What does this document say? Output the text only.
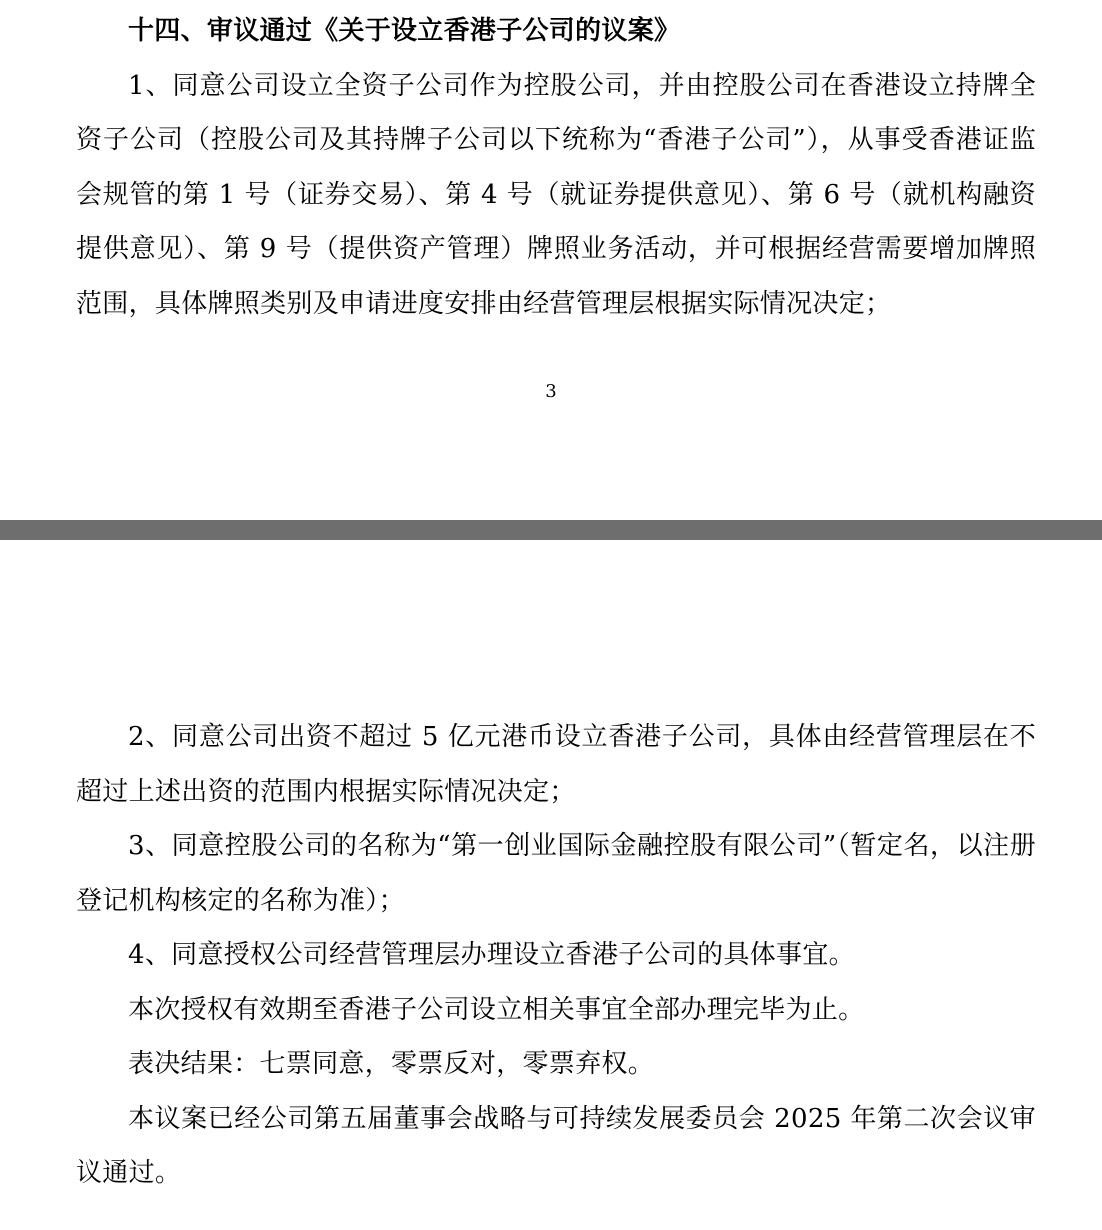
十四、审议通过《关于设立香港子公司的议案》

1、同意公司设立全资子公司作为控股公司，并由控股公司在香港设立持牌全资子公司（控股公司及其持牌子公司以下统称为“香港子公司”），从事受香港证监会规管的第 1 号（证券交易）、第 4 号（就证券提供意见）、第 6 号（就机构融资提供意见）、第 9 号（提供资产管理）牌照业务活动，并可根据经营需要增加牌照范围，具体牌照类别及申请进度安排由经营管理层根据实际情况决定；

3

2、同意公司出资不超过 5 亿元港币设立香港子公司，具体由经营管理层在不超过上述出资的范围内根据实际情况决定；

3、同意控股公司的名称为“第一创业国际金融控股有限公司”（暂定名，以注册登记机构核定的名称为准）；

4、同意授权公司经营管理层办理设立香港子公司的具体事宜。

本次授权有效期至香港子公司设立相关事宜全部办理完毕为止。

表决结果：七票同意，零票反对，零票弃权。

本议案已经公司第五届董事会战略与可持续发展委员会 2025 年第二次会议审议通过。
